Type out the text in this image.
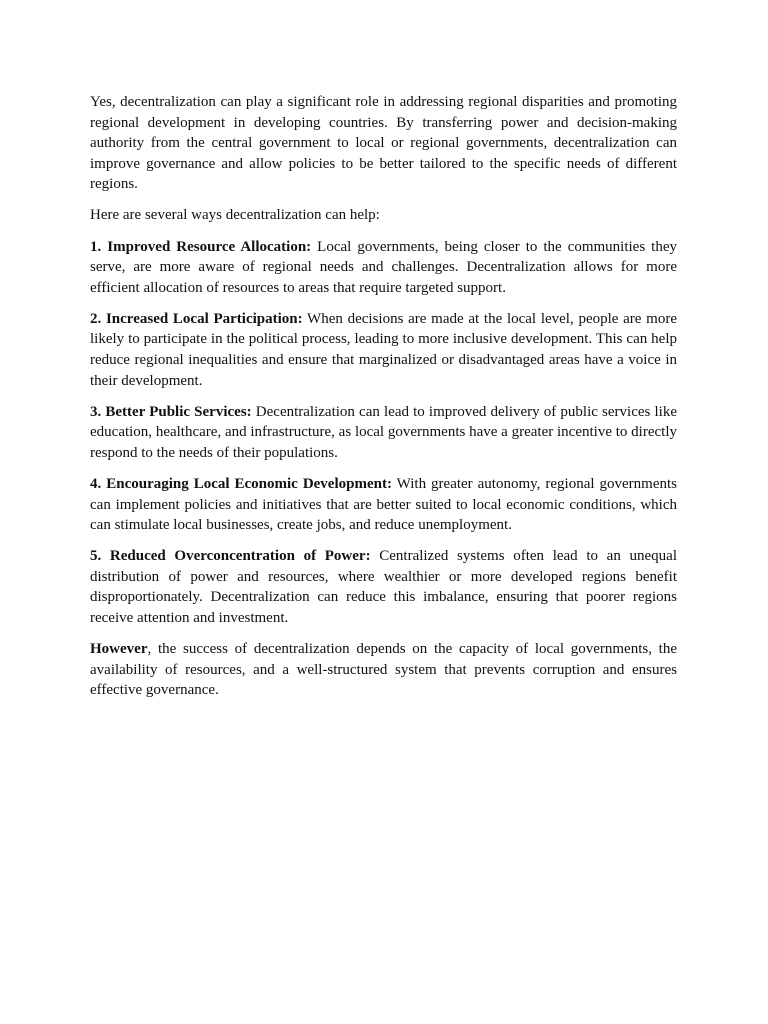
Yes, decentralization can play a significant role in addressing regional disparities and promoting regional development in developing countries. By transferring power and decision-making authority from the central government to local or regional governments, decentralization can improve governance and allow policies to be better tailored to the specific needs of different regions.

Here are several ways decentralization can help:

1. Improved Resource Allocation: Local governments, being closer to the communities they serve, are more aware of regional needs and challenges. Decentralization allows for more efficient allocation of resources to areas that require targeted support.

2. Increased Local Participation: When decisions are made at the local level, people are more likely to participate in the political process, leading to more inclusive development. This can help reduce regional inequalities and ensure that marginalized or disadvantaged areas have a voice in their development.

3. Better Public Services: Decentralization can lead to improved delivery of public services like education, healthcare, and infrastructure, as local governments have a greater incentive to directly respond to the needs of their populations.

4. Encouraging Local Economic Development: With greater autonomy, regional governments can implement policies and initiatives that are better suited to local economic conditions, which can stimulate local businesses, create jobs, and reduce unemployment.

5. Reduced Overconcentration of Power: Centralized systems often lead to an unequal distribution of power and resources, where wealthier or more developed regions benefit disproportionately. Decentralization can reduce this imbalance, ensuring that poorer regions receive attention and investment.

However, the success of decentralization depends on the capacity of local governments, the availability of resources, and a well-structured system that prevents corruption and ensures effective governance.
